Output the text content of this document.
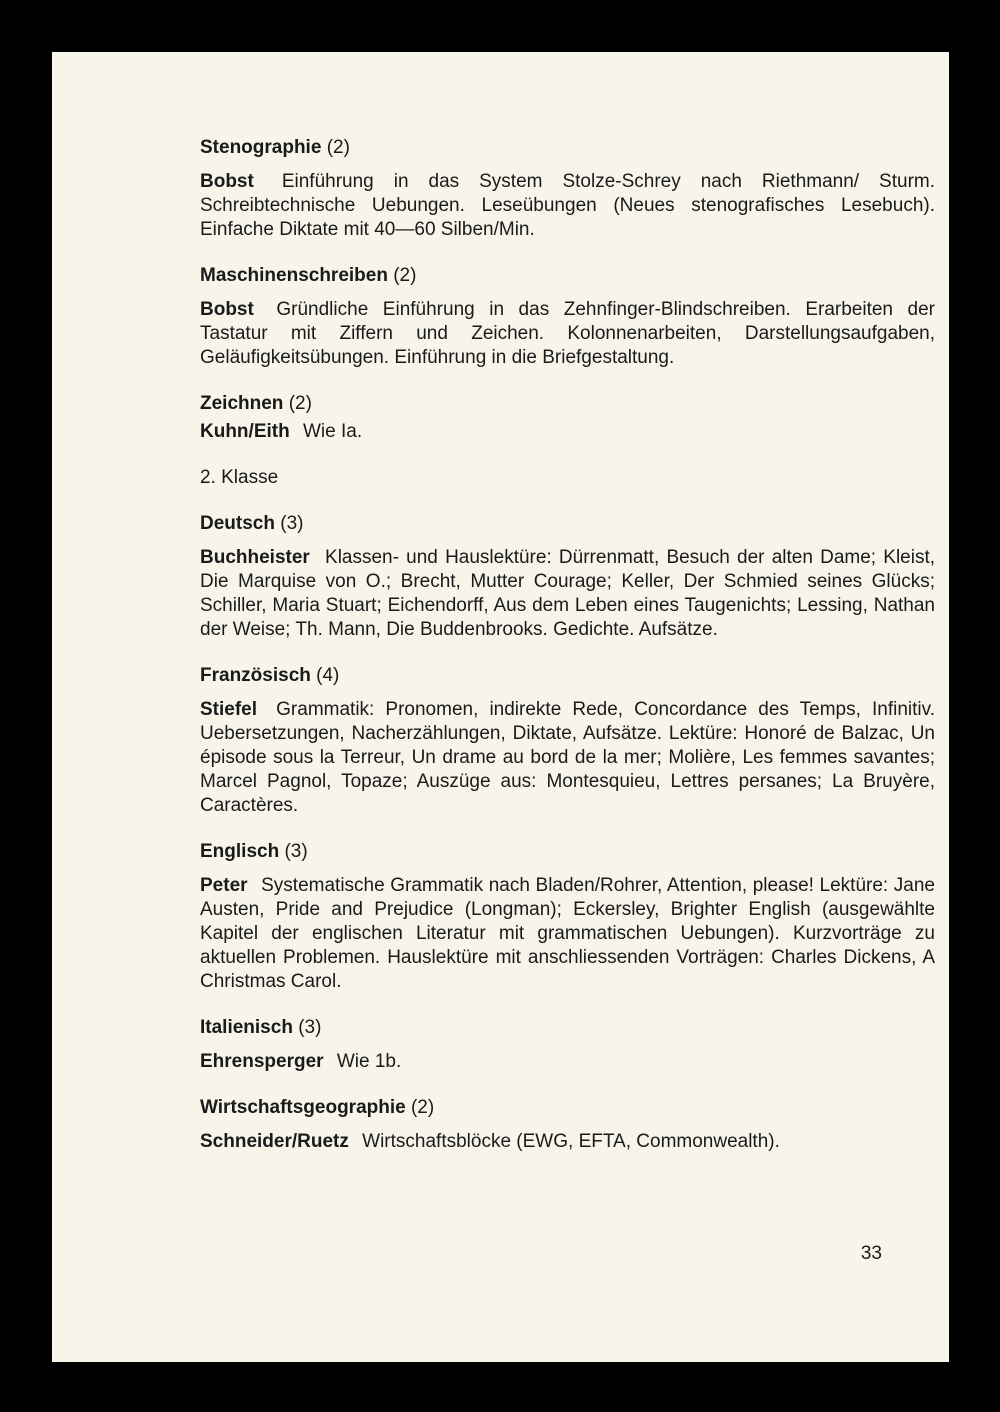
Stenographie (2)
Bobst Einführung in das System Stolze-Schrey nach Riethmann/ Sturm. Schreibtechnische Uebungen. Leseübungen (Neues stenografisches Lesebuch). Einfache Diktate mit 40—60 Silben/Min.
Maschinenschreiben (2)
Bobst Gründliche Einführung in das Zehnfinger-Blindschreiben. Erarbeiten der Tastatur mit Ziffern und Zeichen. Kolonnenarbeiten, Darstellungsaufgaben, Geläufigkeitsübungen. Einführung in die Briefgestaltung.
Zeichnen (2)
Kuhn/Eith Wie Ia.
2. Klasse
Deutsch (3)
Buchheister Klassen- und Hauslektüre: Dürrenmatt, Besuch der alten Dame; Kleist, Die Marquise von O.; Brecht, Mutter Courage; Keller, Der Schmied seines Glücks; Schiller, Maria Stuart; Eichendorff, Aus dem Leben eines Taugenichts; Lessing, Nathan der Weise; Th. Mann, Die Buddenbrooks. Gedichte. Aufsätze.
Französisch (4)
Stiefel Grammatik: Pronomen, indirekte Rede, Concordance des Temps, Infinitiv. Uebersetzungen, Nacherzählungen, Diktate, Aufsätze. Lektüre: Honoré de Balzac, Un épisode sous la Terreur, Un drame au bord de la mer; Molière, Les femmes savantes; Marcel Pagnol, Topaze; Auszüge aus: Montesquieu, Lettres persanes; La Bruyère, Caractères.
Englisch (3)
Peter Systematische Grammatik nach Bladen/Rohrer, Attention, please! Lektüre: Jane Austen, Pride and Prejudice (Longman); Eckersley, Brighter English (ausgewählte Kapitel der englischen Literatur mit grammatischen Uebungen). Kurzvorträge zu aktuellen Problemen. Hauslektüre mit anschliessenden Vorträgen: Charles Dickens, A Christmas Carol.
Italienisch (3)
Ehrensperger Wie 1b.
Wirtschaftsgeographie (2)
Schneider/Ruetz Wirtschaftsblöcke (EWG, EFTA, Commonwealth).
33
